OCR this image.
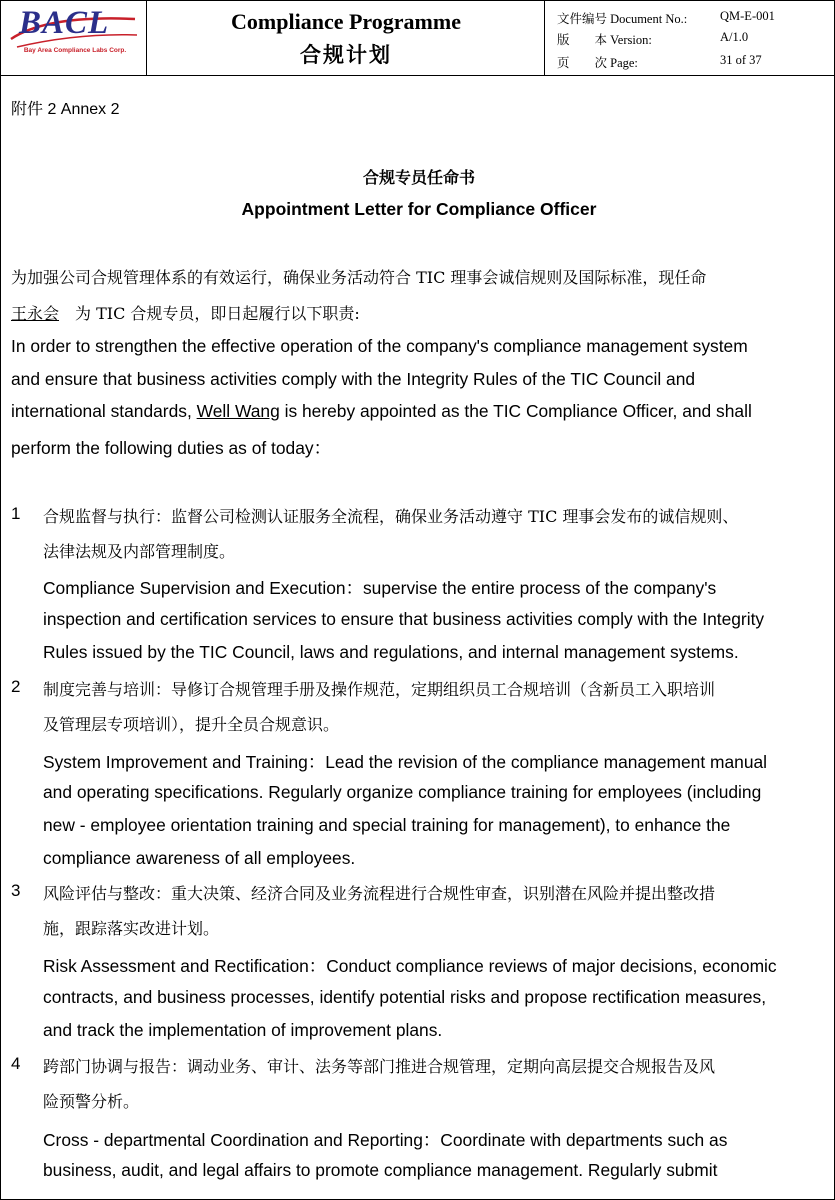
BACL
Bay Area Compliance Labs Corp.
Compliance Programme
合规计划
文件编号 Document No.:	QM-E-001
版　　本 Version:	A/1.0
页　　次 Page:	31 of 37
附件 2 Annex 2
合规专员任命书
Appointment Letter for Compliance Officer
为加强公司合规管理体系的有效运行，确保业务活动符合 TIC 理事会诚信规则及国际标准，现任命
王永会　为 TIC 合规专员，即日起履行以下职责:
In order to strengthen the effective operation of the company's compliance management system
and ensure that business activities comply with the Integrity Rules of the TIC Council and
international standards, Well Wang is hereby appointed as the TIC Compliance Officer, and shall
perform the following duties as of today：
1 合规监督与执行：监督公司检测认证服务全流程，确保业务活动遵守 TIC 理事会发布的诚信规则、
法律法规及内部管理制度。
Compliance Supervision and Execution：supervise the entire process of the company's
inspection and certification services to ensure that business activities comply with the Integrity
Rules issued by the TIC Council, laws and regulations, and internal management systems.
2 制度完善与培训：导修订合规管理手册及操作规范，定期组织员工合规培训（含新员工入职培训
及管理层专项培训），提升全员合规意识。
System Improvement and Training：Lead the revision of the compliance management manual
and operating specifications. Regularly organize compliance training for employees (including
new - employee orientation training and special training for management), to enhance the
compliance awareness of all employees.
3 风险评估与整改：重大决策、经济合同及业务流程进行合规性审查，识别潜在风险并提出整改措
施，跟踪落实改进计划。
Risk Assessment and Rectification：Conduct compliance reviews of major decisions, economic
contracts, and business processes, identify potential risks and propose rectification measures,
and track the implementation of improvement plans.
4 跨部门协调与报告：调动业务、审计、法务等部门推进合规管理，定期向高层提交合规报告及风
险预警分析。
Cross - departmental Coordination and Reporting：Coordinate with departments such as
business, audit, and legal affairs to promote compliance management. Regularly submit
